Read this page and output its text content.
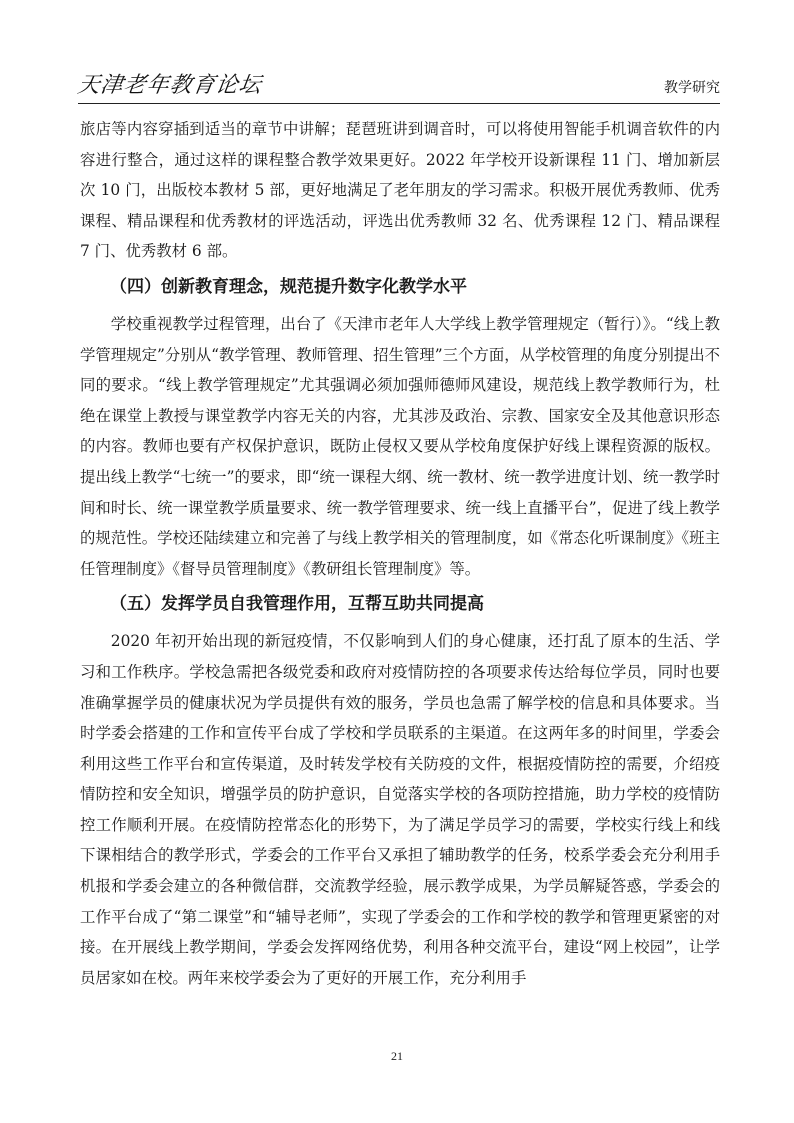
天津老年教育论坛	教学研究

旅店等内容穿插到适当的章节中讲解；琵琶班讲到调音时，可以将使用智能手机调音软件的内容进行整合，通过这样的课程整合教学效果更好。2022 年学校开设新课程 11 门、增加新层次 10 门，出版校本教材 5 部，更好地满足了老年朋友的学习需求。积极开展优秀教师、优秀课程、精品课程和优秀教材的评选活动，评选出优秀教师 32 名、优秀课程 12 门、精品课程 7 门、优秀教材 6 部。

（四）创新教育理念，规范提升数字化教学水平

学校重视教学过程管理，出台了《天津市老年人大学线上教学管理规定（暂行）》。“线上教学管理规定”分别从“教学管理、教师管理、招生管理”三个方面，从学校管理的角度分别提出不同的要求。“线上教学管理规定”尤其强调必须加强师德师风建设，规范线上教学教师行为，杜绝在课堂上教授与课堂教学内容无关的内容，尤其涉及政治、宗教、国家安全及其他意识形态的内容。教师也要有产权保护意识，既防止侵权又要从学校角度保护好线上课程资源的版权。提出线上教学“七统一”的要求，即“统一课程大纲、统一教材、统一教学进度计划、统一教学时间和时长、统一课堂教学质量要求、统一教学管理要求、统一线上直播平台”，促进了线上教学的规范性。学校还陆续建立和完善了与线上教学相关的管理制度，如《常态化听课制度》《班主任管理制度》《督导员管理制度》《教研组长管理制度》等。

（五）发挥学员自我管理作用，互帮互助共同提高

2020 年初开始出现的新冠疫情，不仅影响到人们的身心健康，还打乱了原本的生活、学习和工作秩序。学校急需把各级党委和政府对疫情防控的各项要求传达给每位学员，同时也要准确掌握学员的健康状况为学员提供有效的服务，学员也急需了解学校的信息和具体要求。当时学委会搭建的工作和宣传平台成了学校和学员联系的主渠道。在这两年多的时间里，学委会利用这些工作平台和宣传渠道，及时转发学校有关防疫的文件，根据疫情防控的需要，介绍疫情防控和安全知识，增强学员的防护意识，自觉落实学校的各项防控措施，助力学校的疫情防控工作顺利开展。在疫情防控常态化的形势下，为了满足学员学习的需要，学校实行线上和线下课相结合的教学形式，学委会的工作平台又承担了辅助教学的任务，校系学委会充分利用手机报和学委会建立的各种微信群，交流教学经验，展示教学成果，为学员解疑答惑，学委会的工作平台成了“第二课堂”和“辅导老师”，实现了学委会的工作和学校的教学和管理更紧密的对接。在开展线上教学期间，学委会发挥网络优势，利用各种交流平台，建设“网上校园”，让学员居家如在校。两年来校学委会为了更好的开展工作，充分利用手

21
